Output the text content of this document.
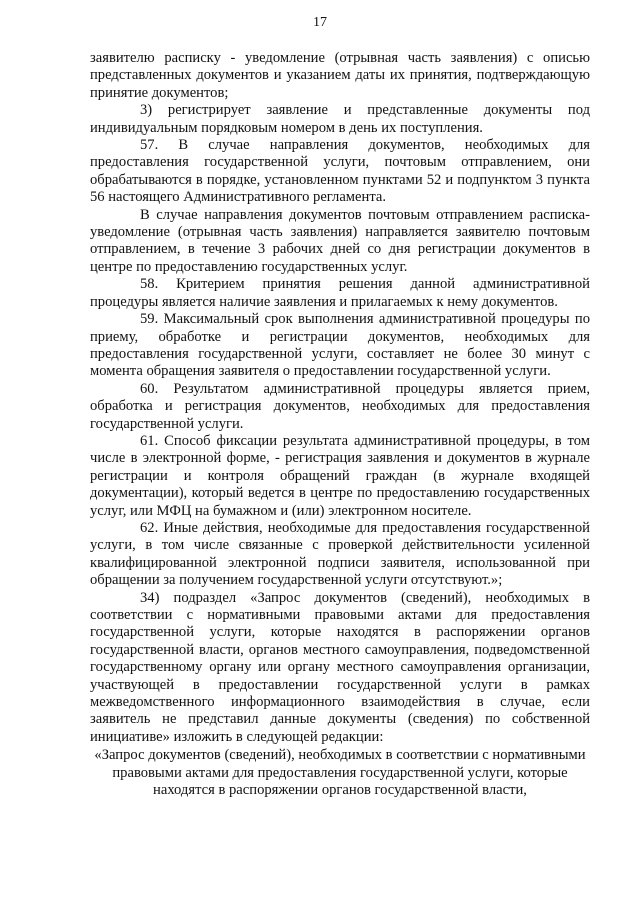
17

заявителю расписку - уведомление (отрывная часть заявления) с описью представленных документов и указанием даты их принятия, подтверждающую принятие документов;

3) регистрирует заявление и представленные документы под индивидуальным порядковым номером в день их поступления.

57. В случае направления документов, необходимых для предоставления государственной услуги, почтовым отправлением, они обрабатываются в порядке, установленном пунктами 52 и подпунктом 3 пункта 56 настоящего Административного регламента.

В случае направления документов почтовым отправлением расписка-уведомление (отрывная часть заявления) направляется заявителю почтовым отправлением, в течение 3 рабочих дней со дня регистрации документов в центре по предоставлению государственных услуг.

58. Критерием принятия решения данной административной процедуры является наличие заявления и прилагаемых к нему документов.

59. Максимальный срок выполнения административной процедуры по приему, обработке и регистрации документов, необходимых для предоставления государственной услуги, составляет не более 30 минут с момента обращения заявителя о предоставлении государственной услуги.

60. Результатом административной процедуры является прием, обработка и регистрация документов, необходимых для предоставления государственной услуги.

61. Способ фиксации результата административной процедуры, в том числе в электронной форме, - регистрация заявления и документов в журнале регистрации и контроля обращений граждан (в журнале входящей документации), который ведется в центре по предоставлению государственных услуг, или МФЦ на бумажном и (или) электронном носителе.

62. Иные действия, необходимые для предоставления государственной услуги, в том числе связанные с проверкой действительности усиленной квалифицированной электронной подписи заявителя, использованной при обращении за получением государственной услуги отсутствуют.»;

34) подраздел «Запрос документов (сведений), необходимых в соответствии с нормативными правовыми актами для предоставления государственной услуги, которые находятся в распоряжении органов государственной власти, органов местного самоуправления, подведомственной государственному органу или органу местного самоуправления организации, участвующей в предоставлении государственной услуги в рамках межведомственного информационного взаимодействия в случае, если заявитель не представил данные документы (сведения) по собственной инициативе» изложить в следующей редакции:

«Запрос документов (сведений), необходимых в соответствии с нормативными правовыми актами для предоставления государственной услуги, которые находятся в распоряжении органов государственной власти,
